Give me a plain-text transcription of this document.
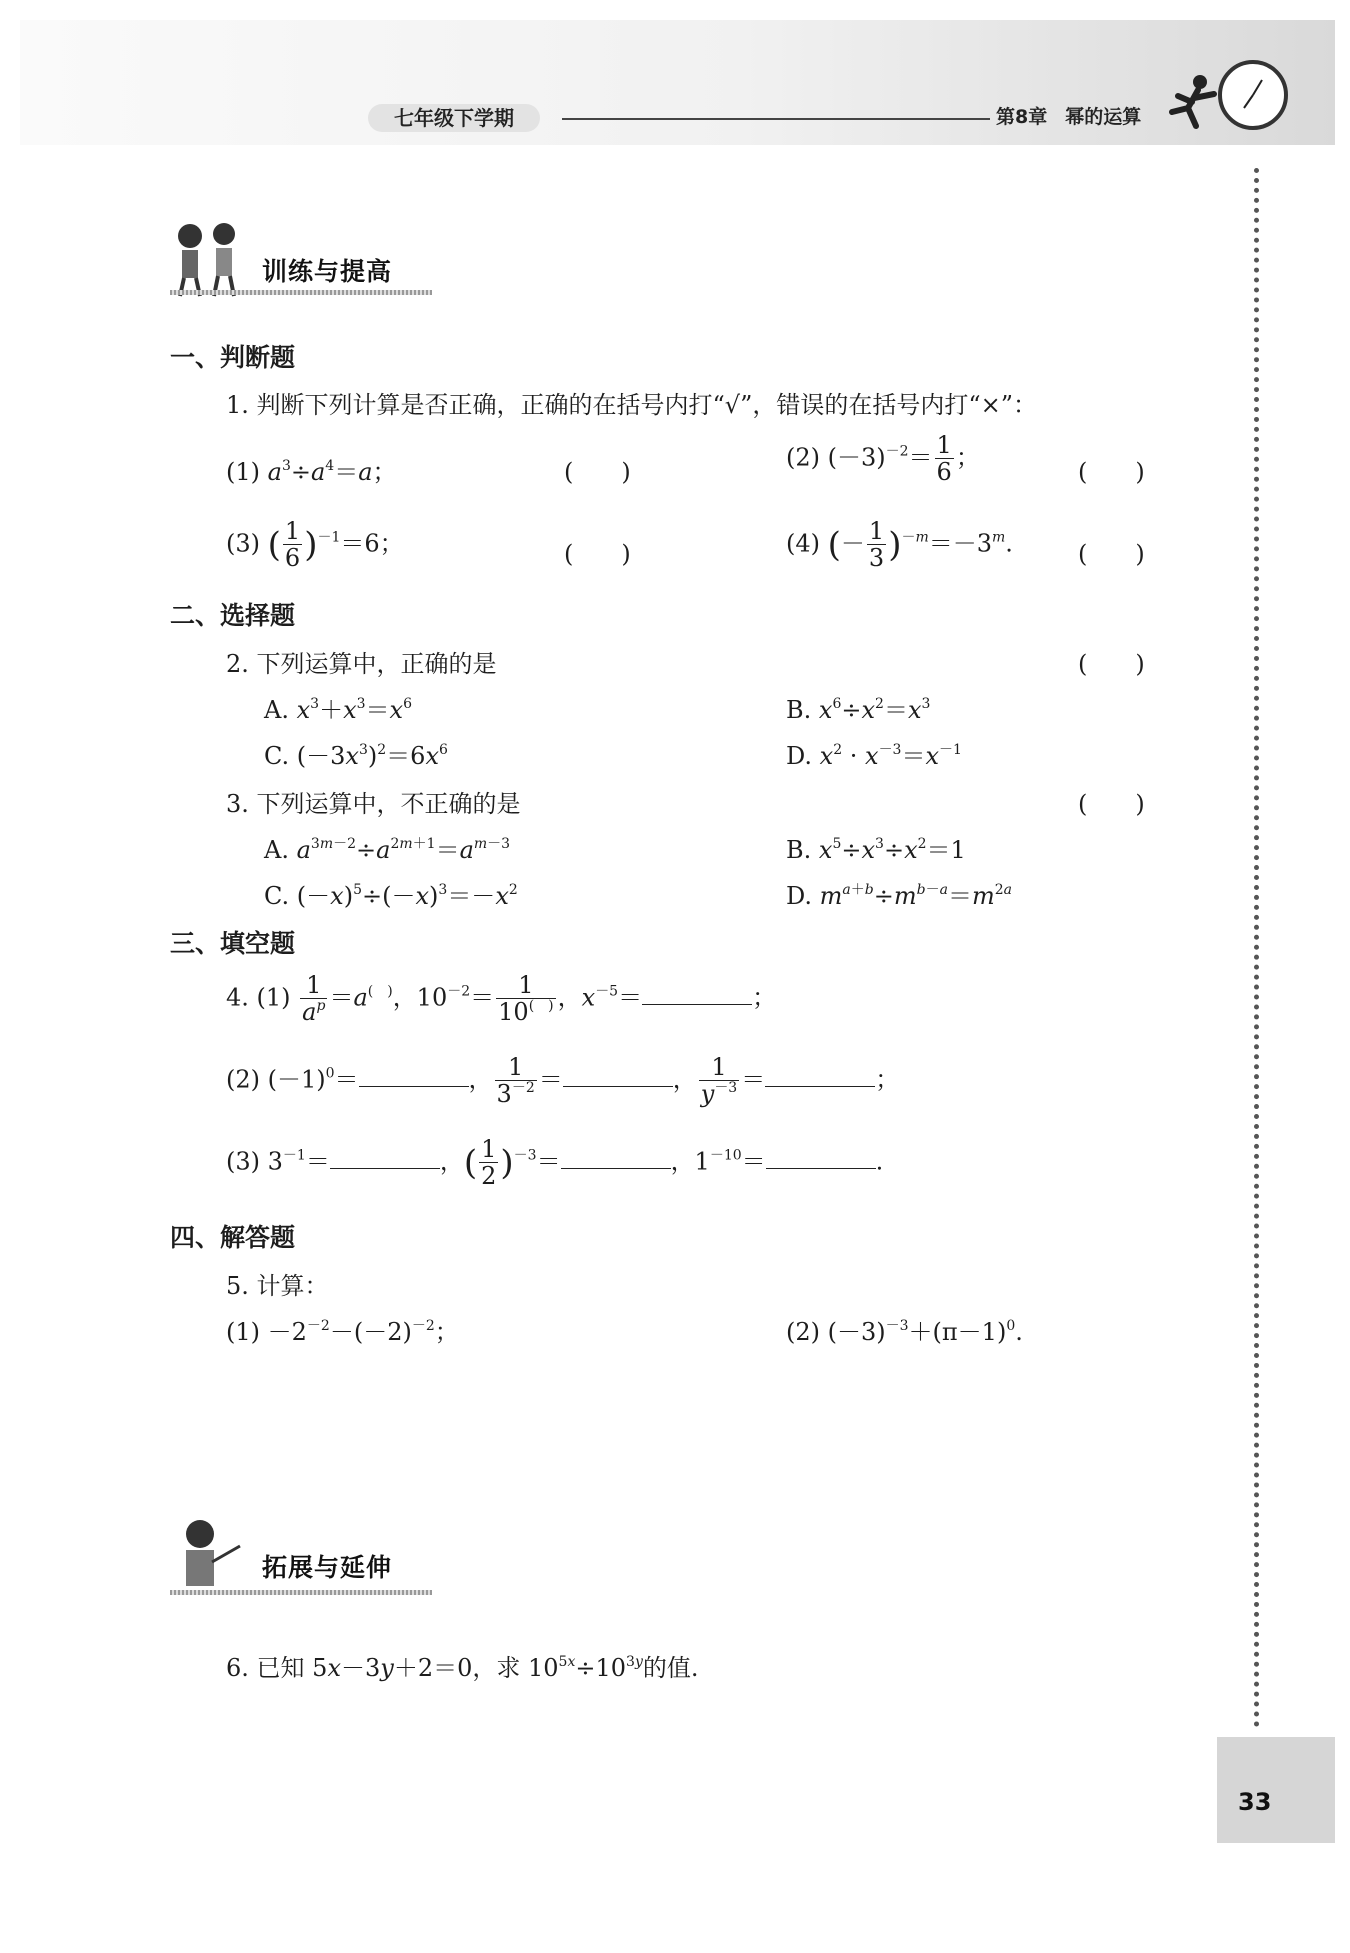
七年级下学期	第8章 幂的运算
33
训练与提高
一、判断题
1. 判断下列计算是否正确，正确的在括号内打“√”，错误的在括号内打“×”：
(1) $a^3\div a^4=a$；	(　　)
(2) $(-3)^{-2}= \frac{1}{6}$ ；
(　　)
(3) ( $\frac{1}{6} )^{-1}=6$；	(　　)	(4) (－ $\frac{1}{3} )^{-m}=-3^m$.	(　　)
二、选择题
2. 下列运算中，正确的是	(　　)
A. $x^3+x^3=x^6$	B. $x^6\div x^2=x^3$
C. $(-3x^3)^2=6x^6$	D. $x^2 \cdot x^{-3}=x^{-1}$
3. 下列运算中，不正确的是	(　　)
A. $a^{3m-2}\div a^{2m+1}=a^{m-3}$	B. $x^5\div x^3\div x^2=1$
C. $(-x)^5\div(-x)^3=-x^2$	D. $m^{a+b}\div m^{b-a}=m^{2a}$
三、填空题
4. $(1) \frac{1}{a^p} =a^{( )}$，$10^{-2}= \frac{1}{10^{( )}}$ ，$x^{-5}=$	；
(2) $(-1)^0=$	， $\frac{1}{3^{-2}}$ ＝	， $\frac{1}{y^{-3}}$ ＝	；
(3) $3^{-1}=$	，( $\frac{1}{2} )^{-3}=$	，$1^{-10}=$	.
四、解答题
5. 计算：
$(1) -2^{-2}-(-2)^{-2}$；	(2) $(-3)^{-3}+(\pi-1)^0$.
拓展与延伸
6. 已知 5x－3y＋2＝0，求 $10^{5x}\div 10^{3y}$的值.
